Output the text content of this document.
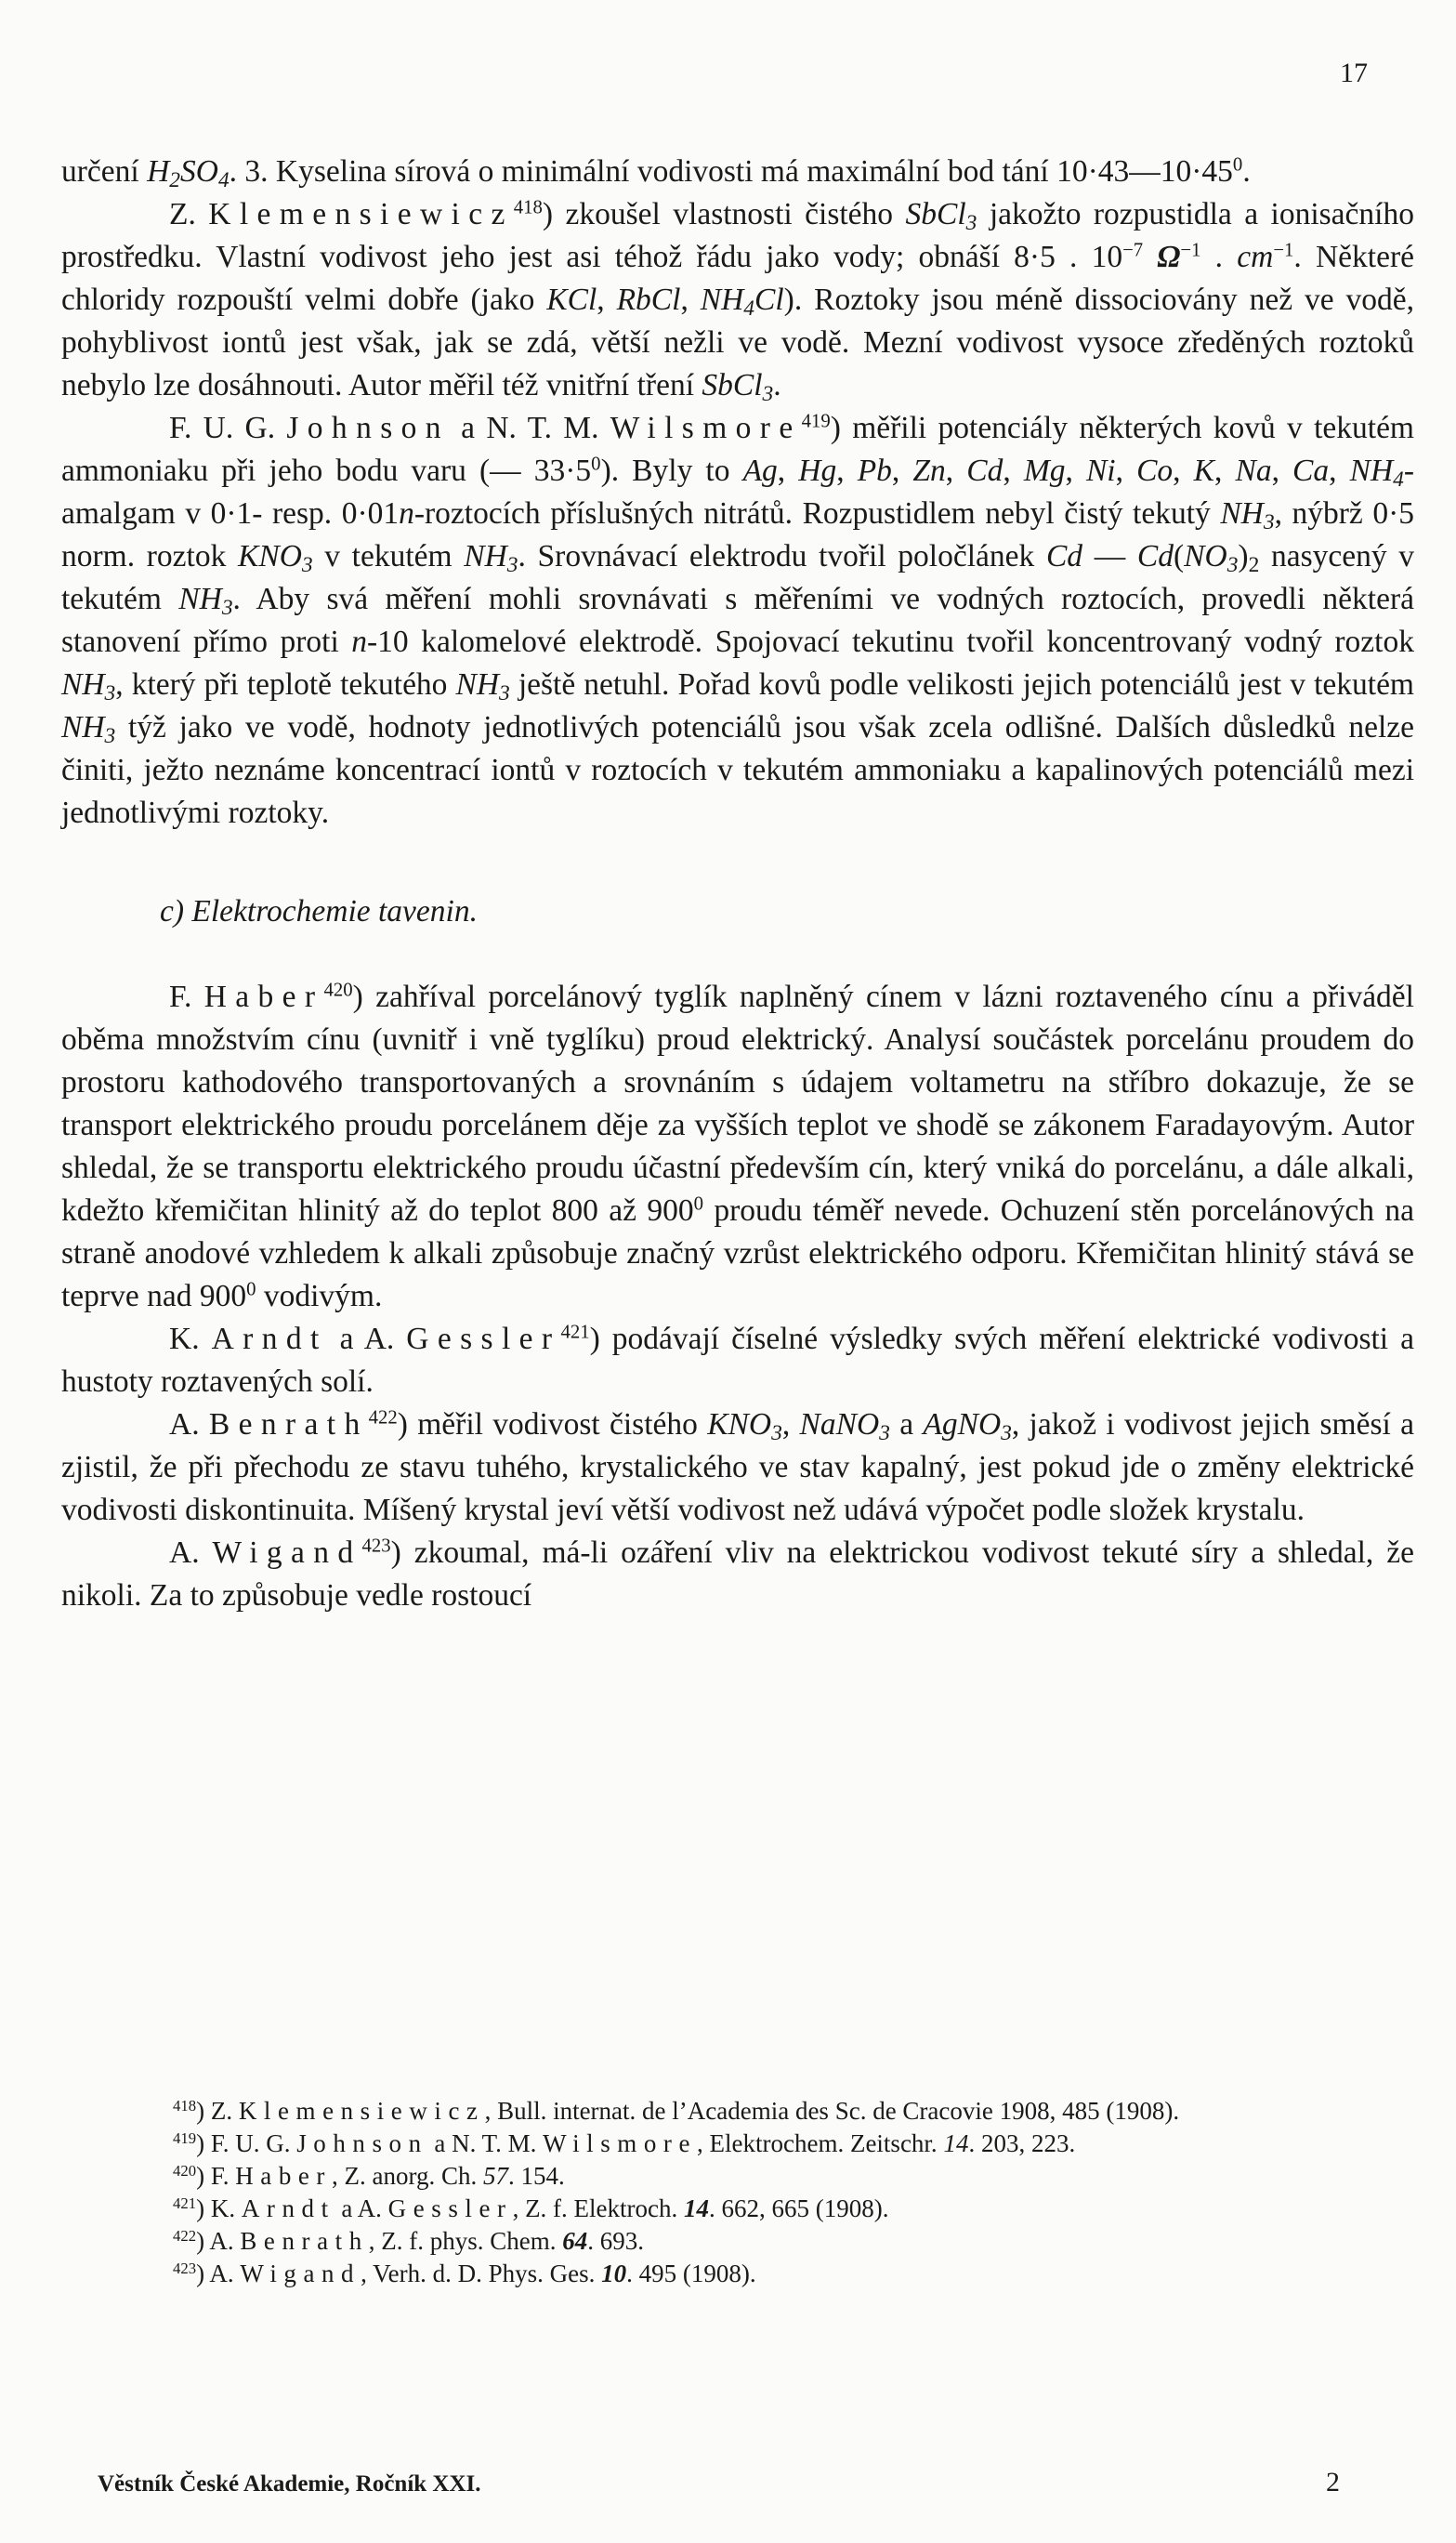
17

určení $H_2SO_4$. 3. Kyselina sírová o minimální vodivosti má maximální bod tání $10\cdot 43—10\cdot 45^0$.

Z. Klemensiewicz$^{418}$) zkoušel vlastnosti čistého SbCl$_3$ jakožto rozpustidla a ionisačního prostředku. Vlastní vodivost jeho jest asi téhož řádu jako vody; obnáší 8·5 . $10^{-7}$ $\Omega^{-1}$ . $cm^{-1}$. Některé chloridy rozpouští velmi dobře (jako KCl, RbCl, $NH_4Cl$). Roztoky jsou méně dissociovány než ve vodě, pohyblivost iontů jest však, jak se zdá, větší nežli ve vodě. Mezní vodivost vysoce zředěných roztoků nebylo lze dosáhnouti. Autor měřil též vnitřní tření SbCl$_3$.

F. U. G. Johnson a N. T. M. Wilsmore$^{419}$) měřili potenciály některých kovů v tekutém ammoniaku při jeho bodu varu (— $33\cdot 5^0$). Byly to Ag, Hg, Pb, Zn, Cd, Mg, Ni, Co, K, Na, Ca, $NH_4$-amalgam v 0·1- resp. 0·01n-roztocích příslušných nitrátů. Rozpustidlem nebyl čistý tekutý $NH_3$, nýbrž 0·5 norm. roztok $KNO_3$ v tekutém $NH_3$. Srovnávací elektrodu tvořil poločlánek Cd — $Cd(NO_3)_2$ nasycený v tekutém $NH_3$. Aby svá měření mohli srovnávati s měřeními ve vodných roztocích, provedli některá stanovení přímo proti n-10 kalomelové elektrodě. Spojovací tekutinu tvořil koncentrovaný vodný roztok $NH_3$, který při teplotě tekutého $NH_3$ ještě netuhl. Pořad kovů podle velikosti jejich potenciálů jest v tekutém $NH_3$ týž jako ve vodě, hodnoty jednotlivých potenciálů jsou však zcela odlišné. Dalších důsledků nelze činiti, ježto neznáme koncentrací iontů v roztocích v tekutém ammoniaku a kapalinových potenciálů mezi jednotlivými roztoky.

c) Elektrochemie tavenin.

F. Haber$^{420}$) zahříval porcelánový tyglík naplněný cínem v lázni roztaveného cínu a přiváděl oběma množstvím cínu (uvnitř i vně tyglíku) proud elektrický. Analysí součástek porcelánu proudem do prostoru kathodového transportovaných a srovnáním s údajem voltametru na stříbro dokazuje, že se transport elektrického proudu porcelánem děje za vyšších teplot ve shodě se zákonem Faradayovým. Autor shledal, že se transportu elektrického proudu účastní především cín, který vniká do porcelánu, a dále alkali, kdežto křemičitan hlinitý až do teplot 800 až $900^0$ proudu téměř nevede. Ochuzení stěn porcelánových na straně anodové vzhledem k alkali způsobuje značný vzrůst elektrického odporu. Křemičitan hlinitý stává se teprve nad $900^0$ vodivým.

K. Arndt a A. Gessler$^{421}$) podávají číselné výsledky svých měření elektrické vodivosti a hustoty roztavených solí.

A. Benrath$^{422}$) měřil vodivost čistého $KNO_3$, NaNO$_3$ a AgNO$_3$, jakož i vodivost jejich směsí a zjistil, že při přechodu ze stavu tuhého, krystalického ve stav kapalný, jest pokud jde o změny elektrické vodivosti diskontinuita. Míšený krystal jeví větší vodivost než udává výpočet podle složek krystalu.

A. Wigand$^{423}$) zkoumal, má-li ozáření vliv na elektrickou vodivost tekuté síry a shledal, že nikoli. Za to způsobuje vedle rostoucí

$^{418}$) Z. Klemensiewicz, Bull. internat. de l’Academia des Sc. de Cracovie 1908, 485 (1908).

$^{419}$) F. U. G. Johnson a N. T. M. Wilsmore, Elektrochem. Zeitschr. 14. 203, 223.

$^{420}$) F. Haber, Z. anorg. Ch. 57. 154.

$^{421}$) K. Arndt a A. Gessler, Z. f. Elektroch. 14. 662, 665 (1908).

$^{422}$) A. Benrath, Z. f. phys. Chem. 64. 693.

$^{423}$) A. Wigand, Verh. d. D. Phys. Ges. 10. 495 (1908).

Věstník České Akademie, Ročník XXI.	2
